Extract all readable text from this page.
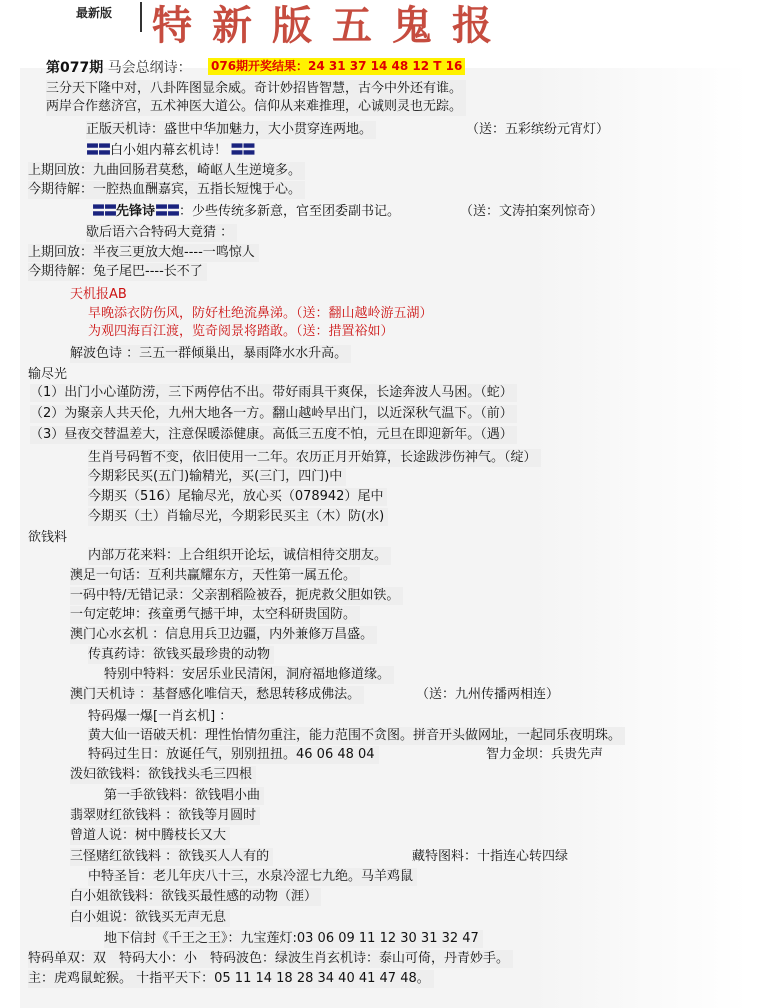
最新版 特新版五鬼报
第077期 马会总纲诗： 076期开奖结果：24 31 37 14 48 12 T 16
三分天下隆中对，八卦阵图显余威。奇计妙招皆智慧，古今中外还有谁。
两岸合作慈济宫，五术神医大道公。信仰从来难推理，心诚则灵也无踪。
正版天机诗：盛世中华加魅力，大小贯穿连两地。	（送：五彩缤纷元宵灯）
〓〓白小姐内幕玄机诗！ 〓〓
上期回放：九曲回肠君莫愁，崎岖人生逆境多。
今期待解：一腔热血酬嘉宾，五指长短愧于心。
〓〓先锋诗〓〓：少些传统多新意，官至团委副书记。	（送：文涛拍案列惊奇）
歇后语六合特码大竟猜 ：
上期回放：半夜三更放大炮----一鸣惊人
今期待解：兔子尾巴----长不了
天机报AB
早晚添衣防伤风，防好杜绝流鼻涕。（送：翻山越岭游五湖）
为观四海百江渡，览奇阅景将踏敢。（送：措置裕如）
解波色诗 ：三五一群倾巢出，暴雨降水水升高。
输尽光
（1）出门小心谨防涝，三下两停估不出。带好雨具干爽保，长途奔波人马困。（蛇）
（2）为聚亲人共天伦，九州大地各一方。翻山越岭早出门，以近深秋气温下。（前）
（3）昼夜交替温差大，注意保暖添健康。高低三五度不怕，元旦在即迎新年。（遇）
生肖号码暂不变，依旧使用一二年。农历正月开始算，长途跋涉伤神气。（绽）
今期彩民买(五门)输精光，买(三门，四门)中
今期买（516）尾输尽光，放心买（078942）尾中
今期买（土）肖输尽光，今期彩民买主（木）防(水)
欲钱料
内部万花来料：上合组织开论坛，诚信相待交朋友。
澳足一句话：互利共赢耀东方，天性第一属五伦。
一码中特/无错记录：父亲割稻险被吞，扼虎救父胆如铁。
一句定乾坤：孩童勇气撼干坤，太空科研贵国防。
澳门心水玄机 ：信息用兵卫边疆，内外兼修万昌盛。
传真药诗：欲钱买最珍贵的动物
特别中特料：安居乐业民清闲，洞府福地修道缘。
澳门天机诗 ：基督感化唯信天，愁思转移成佛法。	（送：九州传播两相连）
特码爆一爆[一肖玄机] ：
黄大仙一语破天机：理性怡情勿重注，能力范围不贪图。拼音开头做网址，一起同乐夜明珠。
特码过生日：放诞任气，别别扭扭。46 06 48 04	智力金坝：兵贵先声
泼妇欲钱料：欲钱找头毛三四根
第一手欲钱料：欲钱唱小曲
翡翠财红欲钱料 ：欲钱等月圆时
曾道人说：树中腾枝长又大
三怪赌红欲钱料 ：欲钱买人人有的	藏特图料：十指连心转四绿
中特圣旨：老儿年庆八十三，水泉冷涩七九绝。马羊鸡鼠
白小姐欲钱料：欲钱买最性感的动物（涯）
白小姐说：欲钱买无声无息
地下信封《千王之王》：九宝莲灯:03 06 09 11 12 30 31 32 47
特码单双：双　特码大小：小　特码波色：绿波生肖玄机诗：泰山可倚，丹青妙手。
主：虎鸡鼠蛇猴。 十指平天下：05 11 14 18 28 34 40 41 47 48。
